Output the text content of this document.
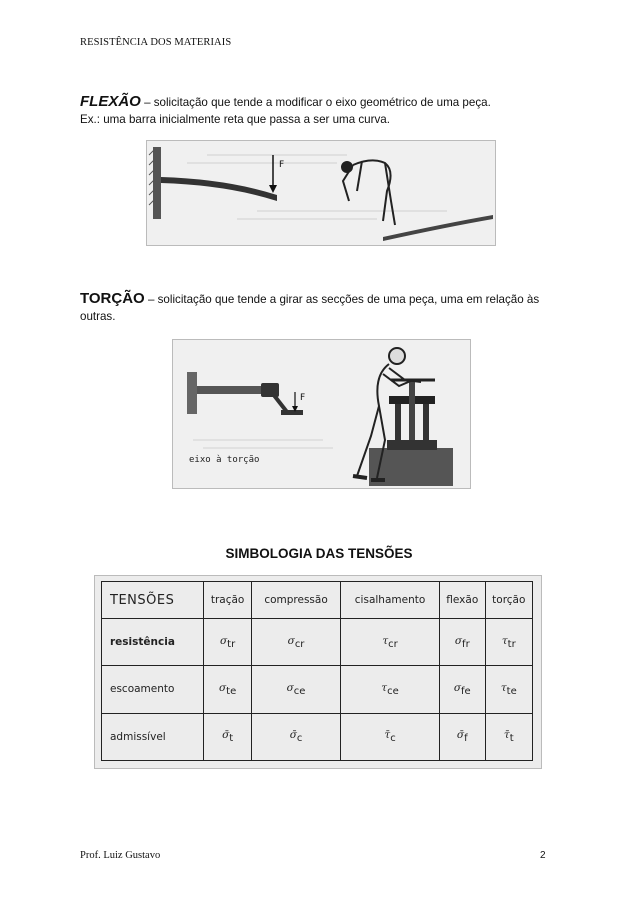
RESISTÊNCIA DOS MATERIAIS
FLEXÃO – solicitação que tende a modificar o eixo geométrico de uma peça.
Ex.: uma barra inicialmente reta que passa a ser uma curva.
F
TORÇÃO – solicitação que tende a girar as secções de uma peça, uma em relação às outras.
F
eixo à torção
SIMBOLOGIA DAS TENSÕES
TENSÕES	tração	compressão	cisalhamento	flexão	torção
resistência	$\sigma_{tr}$	$\sigma_{cr}$	$\tau_{cr}$	$\sigma_{fr}$	$\tau_{tr}$
escoamento	$\sigma_{te}$	$\sigma_{ce}$	$\tau_{ce}$	$\sigma_{fe}$	$\tau_{te}$
admissível	$\sigmā_t$	$\sigmā_c$	$\taū_c$	$\sigmā_f$	$\taū_t$
Prof. Luiz Gustavo	2
